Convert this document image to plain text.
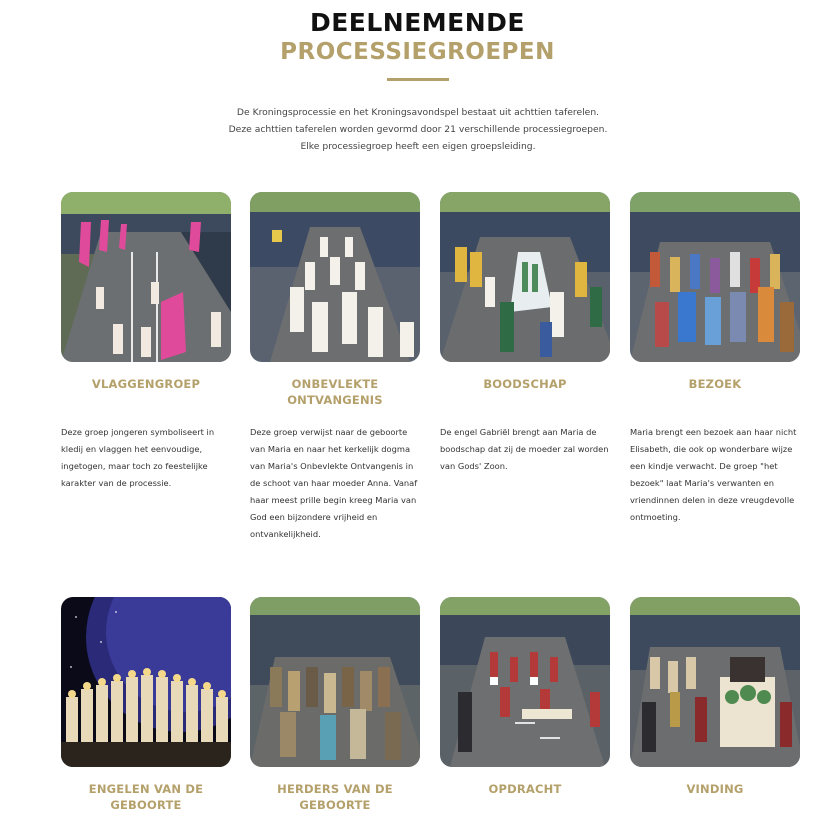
DEELNEMENDE
PROCESSIEGROEPEN
De Kroningsprocessie en het Kroningsavondspel bestaat uit achttien taferelen. Deze achttien taferelen worden gevormd door 21 verschillende processiegroepen. Elke processiegroep heeft een eigen groepsleiding.
VLAGGENGROEP
Deze groep jongeren symboliseert in kledij en vlaggen het eenvoudige, ingetogen, maar toch zo feestelijke karakter van de processie.
ONBEVLEKTE ONTVANGENIS
Deze groep verwijst naar de geboorte van Maria en naar het kerkelijk dogma van Maria's Onbevlekte Ontvangenis in de schoot van haar moeder Anna. Vanaf haar meest prille begin kreeg Maria van God een bijzondere vrijheid en ontvankelijkheid.
BOODSCHAP
De engel Gabriël brengt aan Maria de boodschap dat zij de moeder zal worden van Gods' Zoon.
BEZOEK
Maria brengt een bezoek aan haar nicht Elisabeth, die ook op wonderbare wijze een kindje verwacht. De groep "het bezoek" laat Maria's verwanten en vriendinnen delen in deze vreugdevolle ontmoeting.
ENGELEN VAN DE GEBOORTE
HERDERS VAN DE GEBOORTE
OPDRACHT	VINDING
